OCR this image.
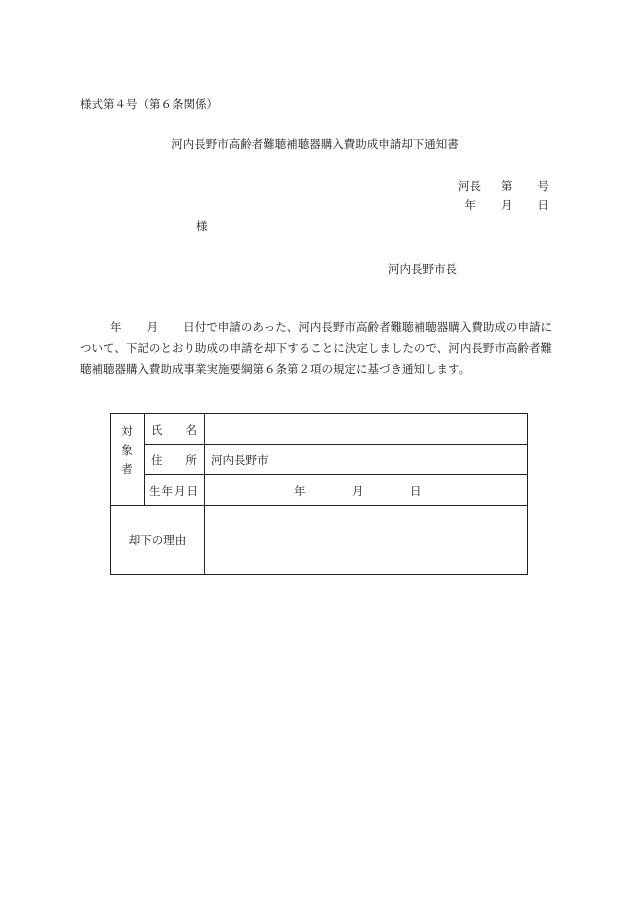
様式第４号（第６条関係）
河内長野市高齢者難聴補聴器購入費助成申請却下通知書
河長 第 号
年 月 日
様
河内長野市長
年 月 日付で申請のあった、河内長野市高齢者難聴補聴器購入費助成の申請について、下記のとおり助成の申請を却下することに決定しましたので、河内長野市高齢者難聴補聴器購入費助成事業実施要綱第６条第２項の規定に基づき通知します。
対
象
者
氏 名
住 所 河内長野市
生年月日	年	月	日
却下の理由
